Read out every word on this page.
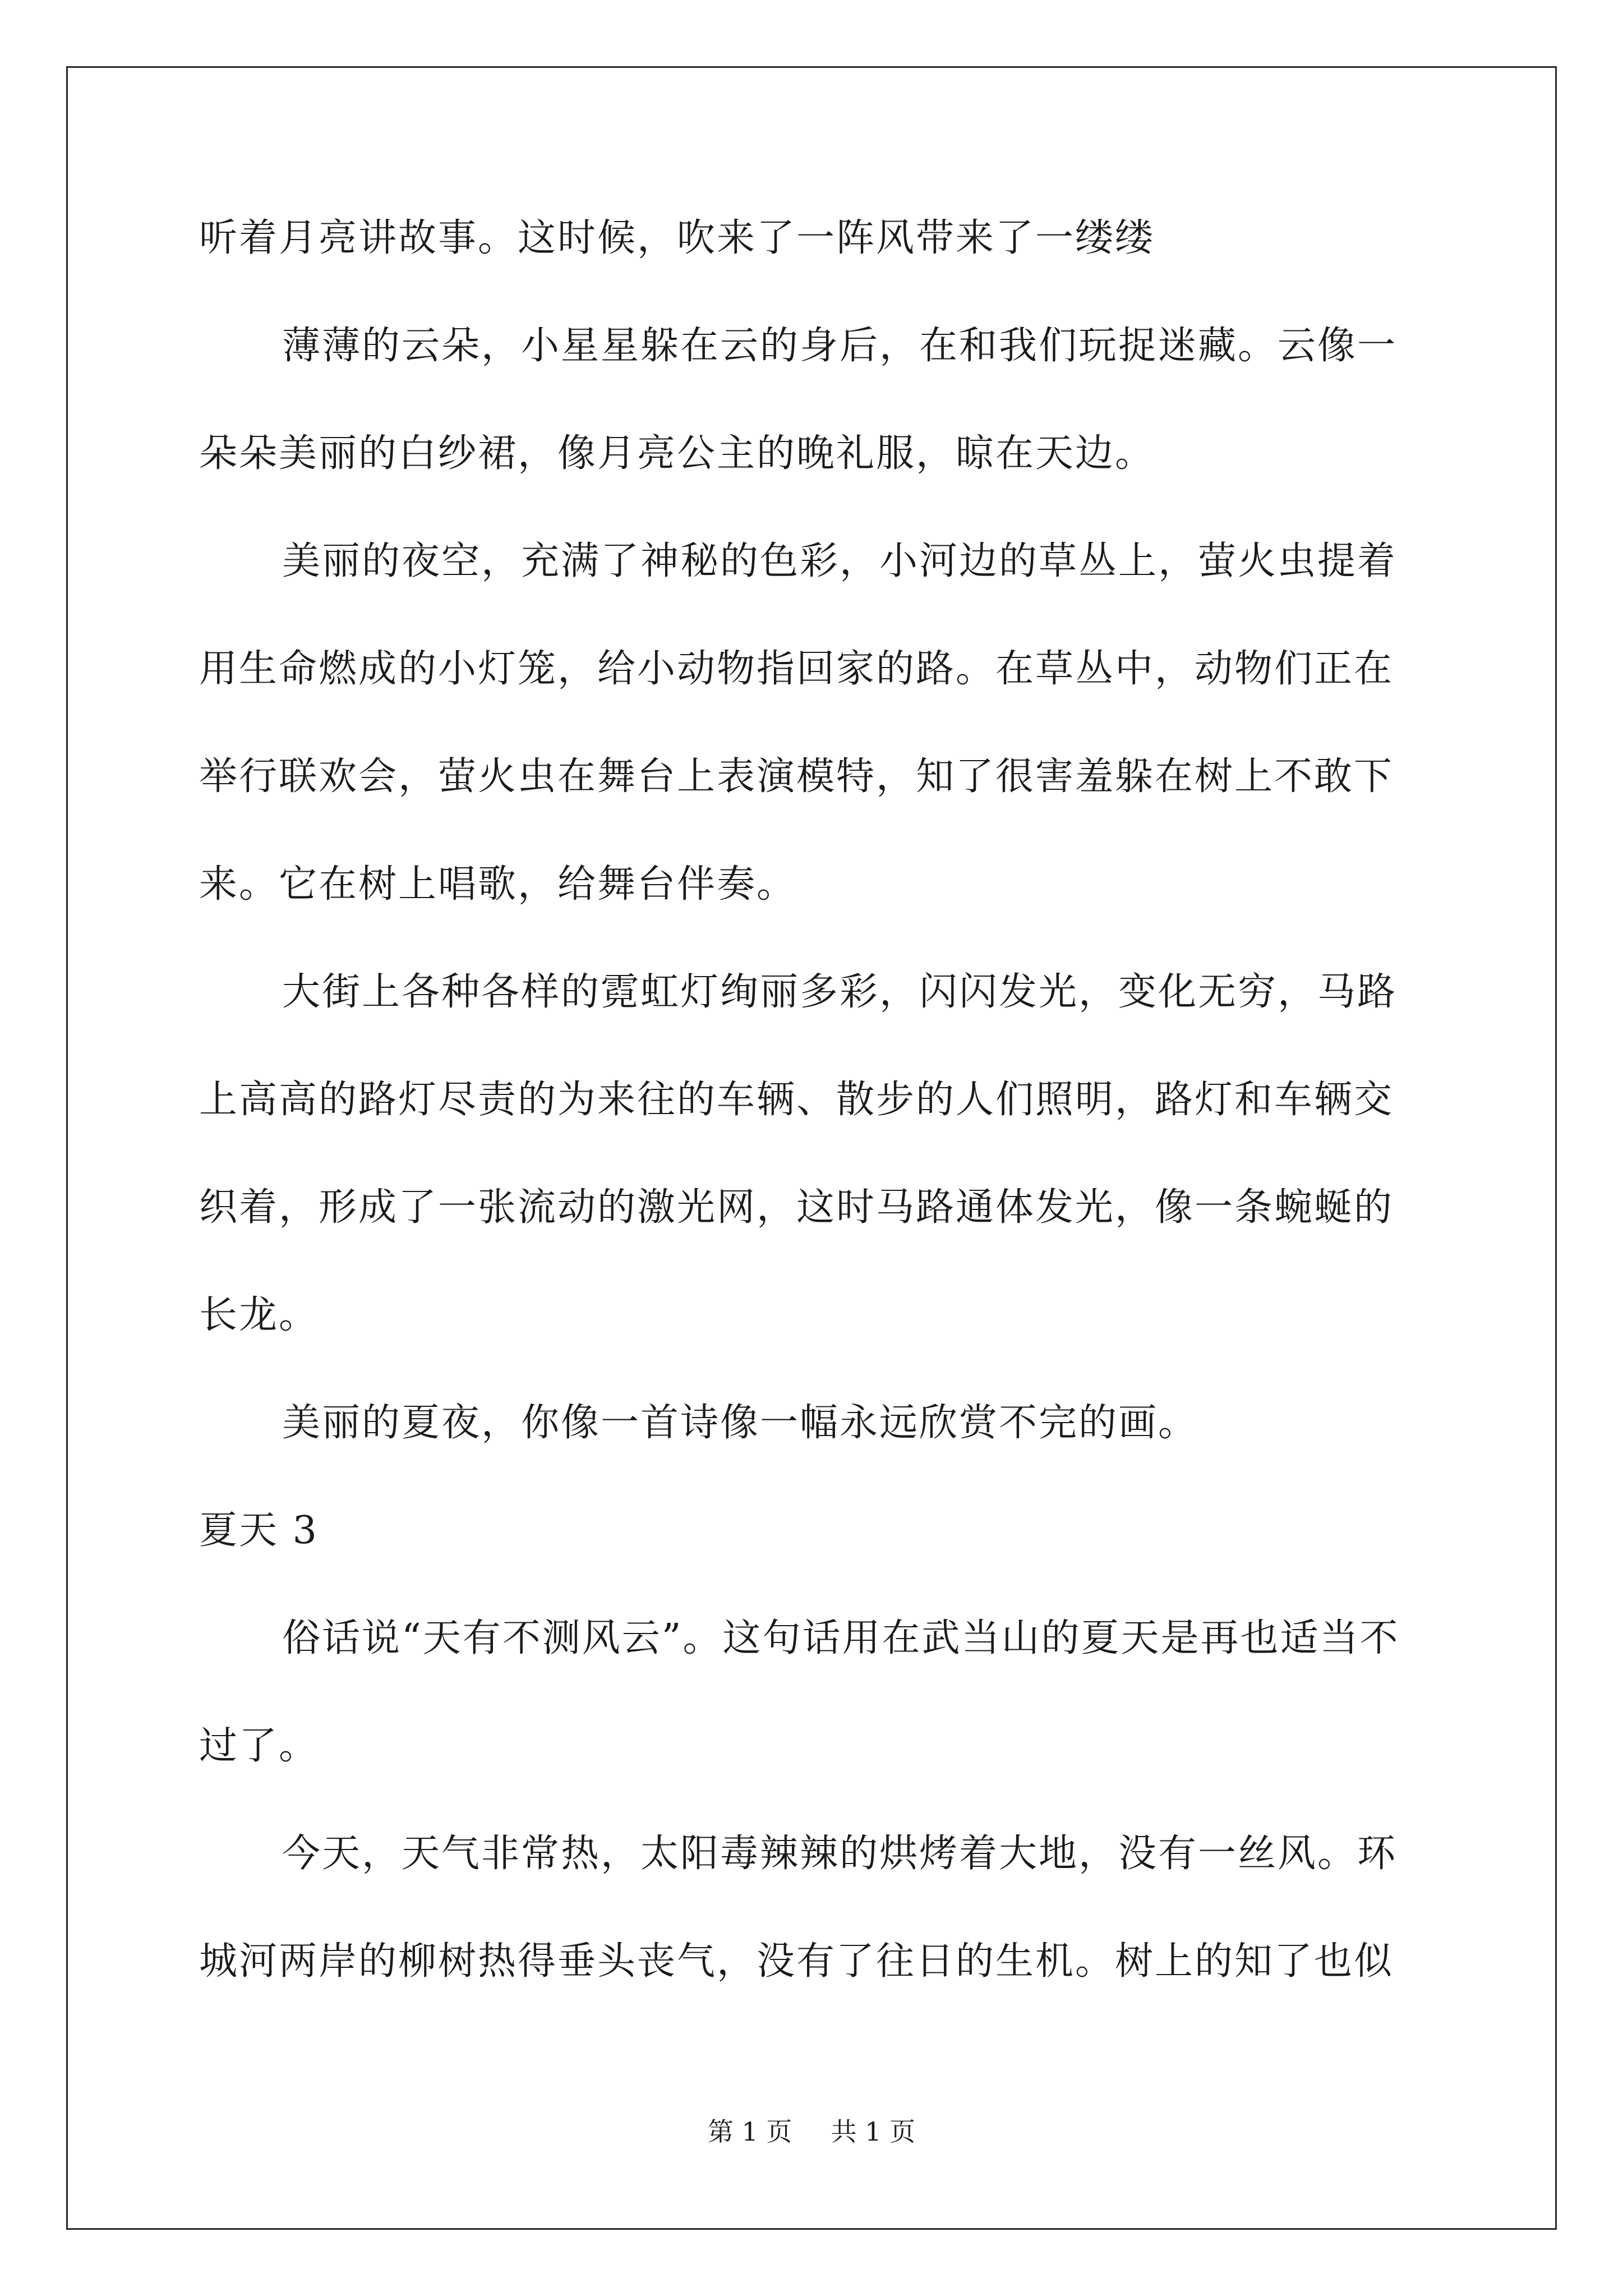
听着月亮讲故事。这时候，吹来了一阵风带来了一缕缕
薄薄的云朵，小星星躲在云的身后，在和我们玩捉迷藏。云像一
朵朵美丽的白纱裙，像月亮公主的晚礼服，晾在天边。
美丽的夜空，充满了神秘的色彩，小河边的草丛上，萤火虫提着
用生命燃成的小灯笼，给小动物指回家的路。在草丛中，动物们正在
举行联欢会，萤火虫在舞台上表演模特，知了很害羞躲在树上不敢下
来。它在树上唱歌，给舞台伴奏。
大街上各种各样的霓虹灯绚丽多彩，闪闪发光，变化无穷，马路
上高高的路灯尽责的为来往的车辆、散步的人们照明，路灯和车辆交
织着，形成了一张流动的激光网，这时马路通体发光，像一条蜿蜒的
长龙。
美丽的夏夜，你像一首诗像一幅永远欣赏不完的画。
夏天 3
俗话说“天有不测风云”。这句话用在武当山的夏天是再也适当不
过了。
今天，天气非常热，太阳毒辣辣的烘烤着大地，没有一丝风。环
城河两岸的柳树热得垂头丧气，没有了往日的生机。树上的知了也似
第 1 页 共 1 页
